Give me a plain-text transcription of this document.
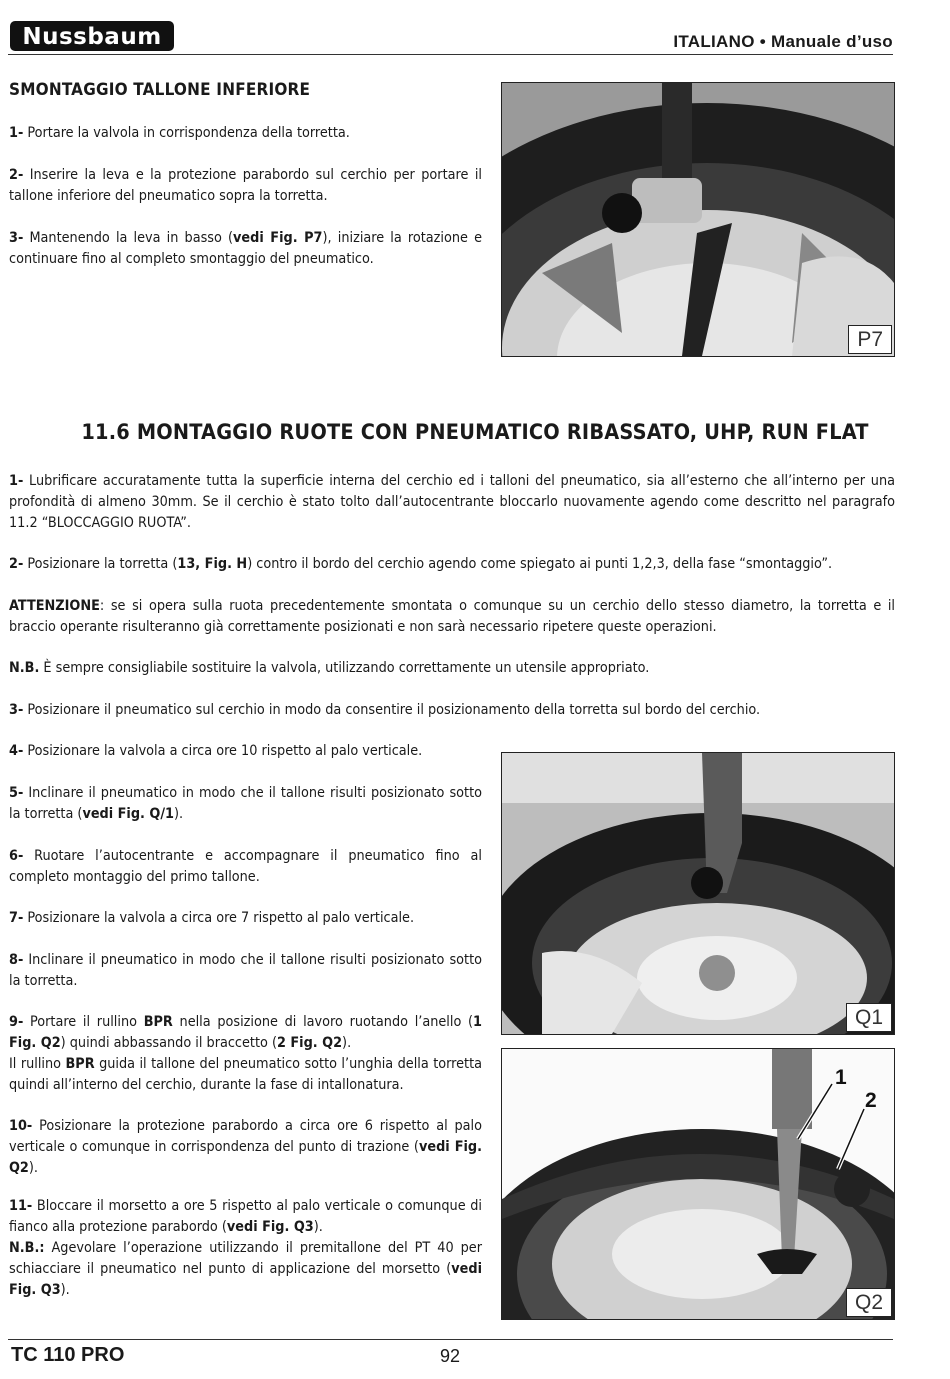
Nussbaum	ITALIANO • Manuale d’uso
SMONTAGGIO TALLONE INFERIORE

1- Portare la valvola in corrispondenza della torretta.

2- Inserire la leva e la protezione parabordo sul cerchio per portare il tallone inferiore del pneumatico sopra la torretta.

3- Mantenendo la leva in basso (vedi Fig. P7), iniziare la rotazione e continuare fino al completo smontaggio del pneumatico.

P7
11.6 MONTAGGIO RUOTE CON PNEUMATICO RIBASSATO, UHP, RUN FLAT

1- Lubrificare accuratamente tutta la superficie interna del cerchio ed i talloni del pneumatico, sia all’esterno che all’interno per una profondità di almeno 30mm. Se il cerchio è stato tolto dall’autocentrante bloccarlo nuovamente agendo come descritto nel paragrafo 11.2 “BLOCCAGGIO RUOTA”.

2- Posizionare la torretta (13, Fig. H) contro il bordo del cerchio agendo come spiegato ai punti 1,2,3, della fase “smontaggio”.

ATTENZIONE: se si opera sulla ruota precedentemente smontata o comunque su un cerchio dello stesso diametro, la torretta e il braccio operante risulteranno già correttamente posizionati e non sarà necessario ripetere queste operazioni.

N.B. È sempre consigliabile sostituire la valvola, utilizzando correttamente un utensile appropriato.

3- Posizionare il pneumatico sul cerchio in modo da consentire il posizionamento della torretta sul bordo del cerchio.

4- Posizionare la valvola a circa ore 10 rispetto al palo verticale.

5- Inclinare il pneumatico in modo che il tallone risulti posizionato sotto la torretta (vedi Fig. Q/1).

6- Ruotare l’autocentrante e accompagnare il pneumatico fino al completo montaggio del primo tallone.

7- Posizionare la valvola a circa ore 7 rispetto al palo verticale.

8- Inclinare il pneumatico in modo che il tallone risulti posizionato sotto la torretta.

9- Portare il rullino BPR nella posizione di lavoro ruotando l’anello (1 Fig. Q2) quindi abbassando il braccetto (2 Fig. Q2).
Il rullino BPR guida il tallone del pneumatico sotto l’unghia della torretta quindi all’interno del cerchio, durante la fase di intallonatura.

10- Posizionare la protezione parabordo a circa ore 6 rispetto al palo verticale o comunque in corrispondenza del punto di trazione (vedi Fig. Q2).

11- Bloccare il morsetto a ore 5 rispetto al palo verticale o comunque di fianco alla protezione parabordo (vedi Fig. Q3).
N.B.: Agevolare l’operazione utilizzando il premitallone del PT 40 per schiacciare il pneumatico nel punto di applicazione del morsetto (vedi Fig. Q3).

Q1
1
2
Q2
TC 110 PRO	92
